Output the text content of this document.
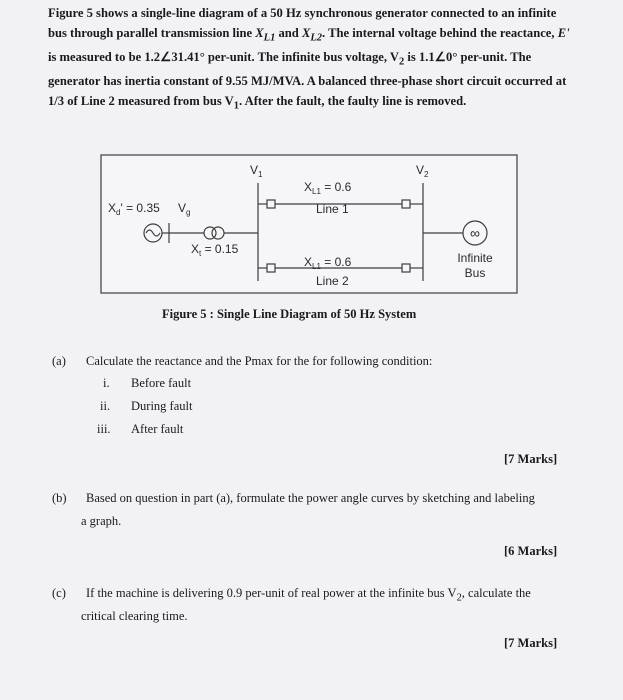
Figure 5 shows a single-line diagram of a 50 Hz synchronous generator connected to an infinite bus through parallel transmission line $X_{L1}$ and $X_{L2}$. The internal voltage behind the reactance, E' is measured to be 1.2∠31.41° per-unit. The infinite bus voltage, $V_2$ is 1.1∠0° per-unit. The generator has inertia constant of 9.55 MJ/MVA. A balanced three-phase short circuit occurred at 1/3 of Line 2 measured from bus $V_1$. After the fault, the faulty line is removed.

$X_d' = 0.35$ $V_g$
$X_t = 0.15$
$V_1$	$V_2$
$X_{L1} = 0.6$
Line 1
$X_{L1} = 0.6$
Line 2
∞
Infinite
Bus
Figure 5 : Single Line Diagram of 50 Hz System
(a) Calculate the reactance and the Pmax for the for following condition:
i. Before fault
ii. During fault
iii. After fault
[7 Marks]
(b) Based on question in part (a), formulate the power angle curves by sketching and labeling
a graph.
[6 Marks]
(c) If the machine is delivering 0.9 per-unit of real power at the infinite bus $V_2$, calculate the
critical clearing time.
[7 Marks]
